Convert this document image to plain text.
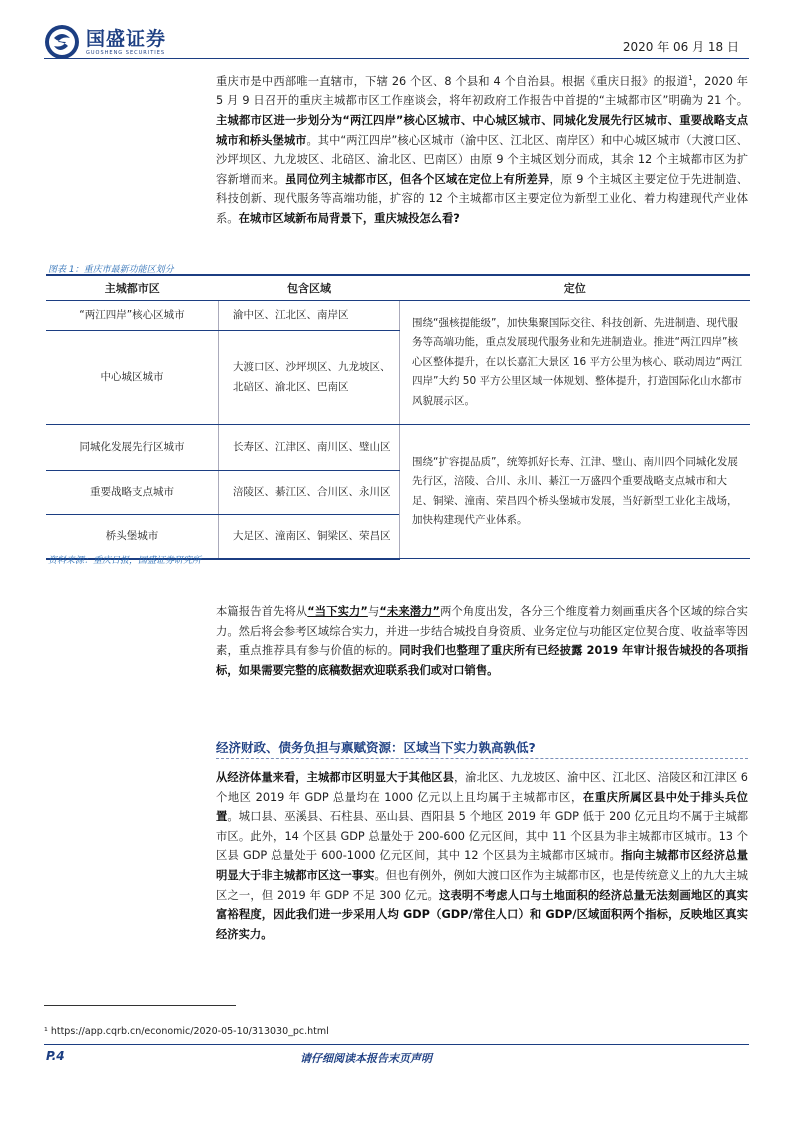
国盛证券
GUOSHENG SECURITIES	2020 年 06 月 18 日

重庆市是中西部唯一直辖市，下辖 26 个区、8 个县和 4 个自治县。根据《重庆日报》的报道$^1$，2020 年 5 月 9 日召开的重庆主城都市区工作座谈会，将年初政府工作报告中首提的“主城都市区”明确为 21 个。主城都市区进一步划分为“两江四岸”核心区城市、中心城区城市、同城化发展先行区城市、重要战略支点城市和桥头堡城市。其中“两江四岸”核心区城市（渝中区、江北区、南岸区）和中心城区城市（大渡口区、沙坪坝区、九龙坡区、北碚区、渝北区、巴南区）由原 9 个主城区划分而成，其余 12 个主城都市区为扩容新增而来。虽同位列主城都市区，但各个区域在定位上有所差异，原 9 个主城区主要定位于先进制造、科技创新、现代服务等高端功能，扩容的 12 个主城都市区主要定位为新型工业化、着力构建现代产业体系。在城市区域新布局背景下，重庆城投怎么看?

图表 1：重庆市最新功能区划分
主城都市区	包含区域	定位
“两江四岸”核心区城市	渝中区、江北区、南岸区	围绕“强核提能级”，加快集聚国际交往、科技创新、先进制造、现代服务等高端功能，重点发展现代服务业和先进制造业。推进“两江四岸”核心区整体提升，在以长嘉汇大景区 16 平方公里为核心、联动周边“两江四岸”大约 50 平方公里区域一体规划、整体提升，打造国际化山水都市风貌展示区。
中心城区城市	大渡口区、沙坪坝区、九龙坡区、北碚区、渝北区、巴南区	
同城化发展先行区城市	长寿区、江津区、南川区、璧山区	围绕“扩容提品质”，统筹抓好长寿、江津、璧山、南川四个同城化发展先行区，涪陵、合川、永川、綦江一万盛四个重要战略支点城市和大足、铜梁、潼南、荣昌四个桥头堡城市发展，当好新型工业化主战场，加快构建现代产业体系。
重要战略支点城市	涪陵区、綦江区、合川区、永川区	
桥头堡城市	大足区、潼南区、铜梁区、荣昌区	
资料来源：重庆日报，国盛证券研究所

本篇报告首先将从“当下实力”与“未来潜力”两个角度出发，各分三个维度着力刻画重庆各个区域的综合实力。然后将会参考区域综合实力，并进一步结合城投自身资质、业务定位与功能区定位契合度、收益率等因素，重点推荐具有参与价值的标的。同时我们也整理了重庆所有已经披露 2019 年审计报告城投的各项指标，如果需要完整的底稿数据欢迎联系我们或对口销售。

经济财政、债务负担与禀赋资源：区域当下实力孰高孰低?

从经济体量来看，主城都市区明显大于其他区县，渝北区、九龙坡区、渝中区、江北区、涪陵区和江津区 6 个地区 2019 年 GDP 总量均在 1000 亿元以上且均属于主城都市区，在重庆所属区县中处于排头兵位置。城口县、巫溪县、石柱县、巫山县、酉阳县 5 个地区 2019 年 GDP 低于 200 亿元且均不属于主城都市区。此外，14 个区县 GDP 总量处于 200-600 亿元区间，其中 11 个区县为非主城都市区城市。13 个区县 GDP 总量处于 600-1000 亿元区间，其中 12 个区县为主城都市区城市。指向主城都市区经济总量明显大于非主城都市区这一事实。但也有例外，例如大渡口区作为主城都市区，也是传统意义上的九大主城区之一，但 2019 年 GDP 不足 300 亿元。这表明不考虑人口与土地面积的经济总量无法刻画地区的真实富裕程度，因此我们进一步采用人均 GDP（GDP/常住人口）和 GDP/区域面积两个指标，反映地区真实经济实力。

¹ https://app.cqrb.cn/economic/2020-05-10/313030_pc.html
P.4	请仔细阅读本报告末页声明
